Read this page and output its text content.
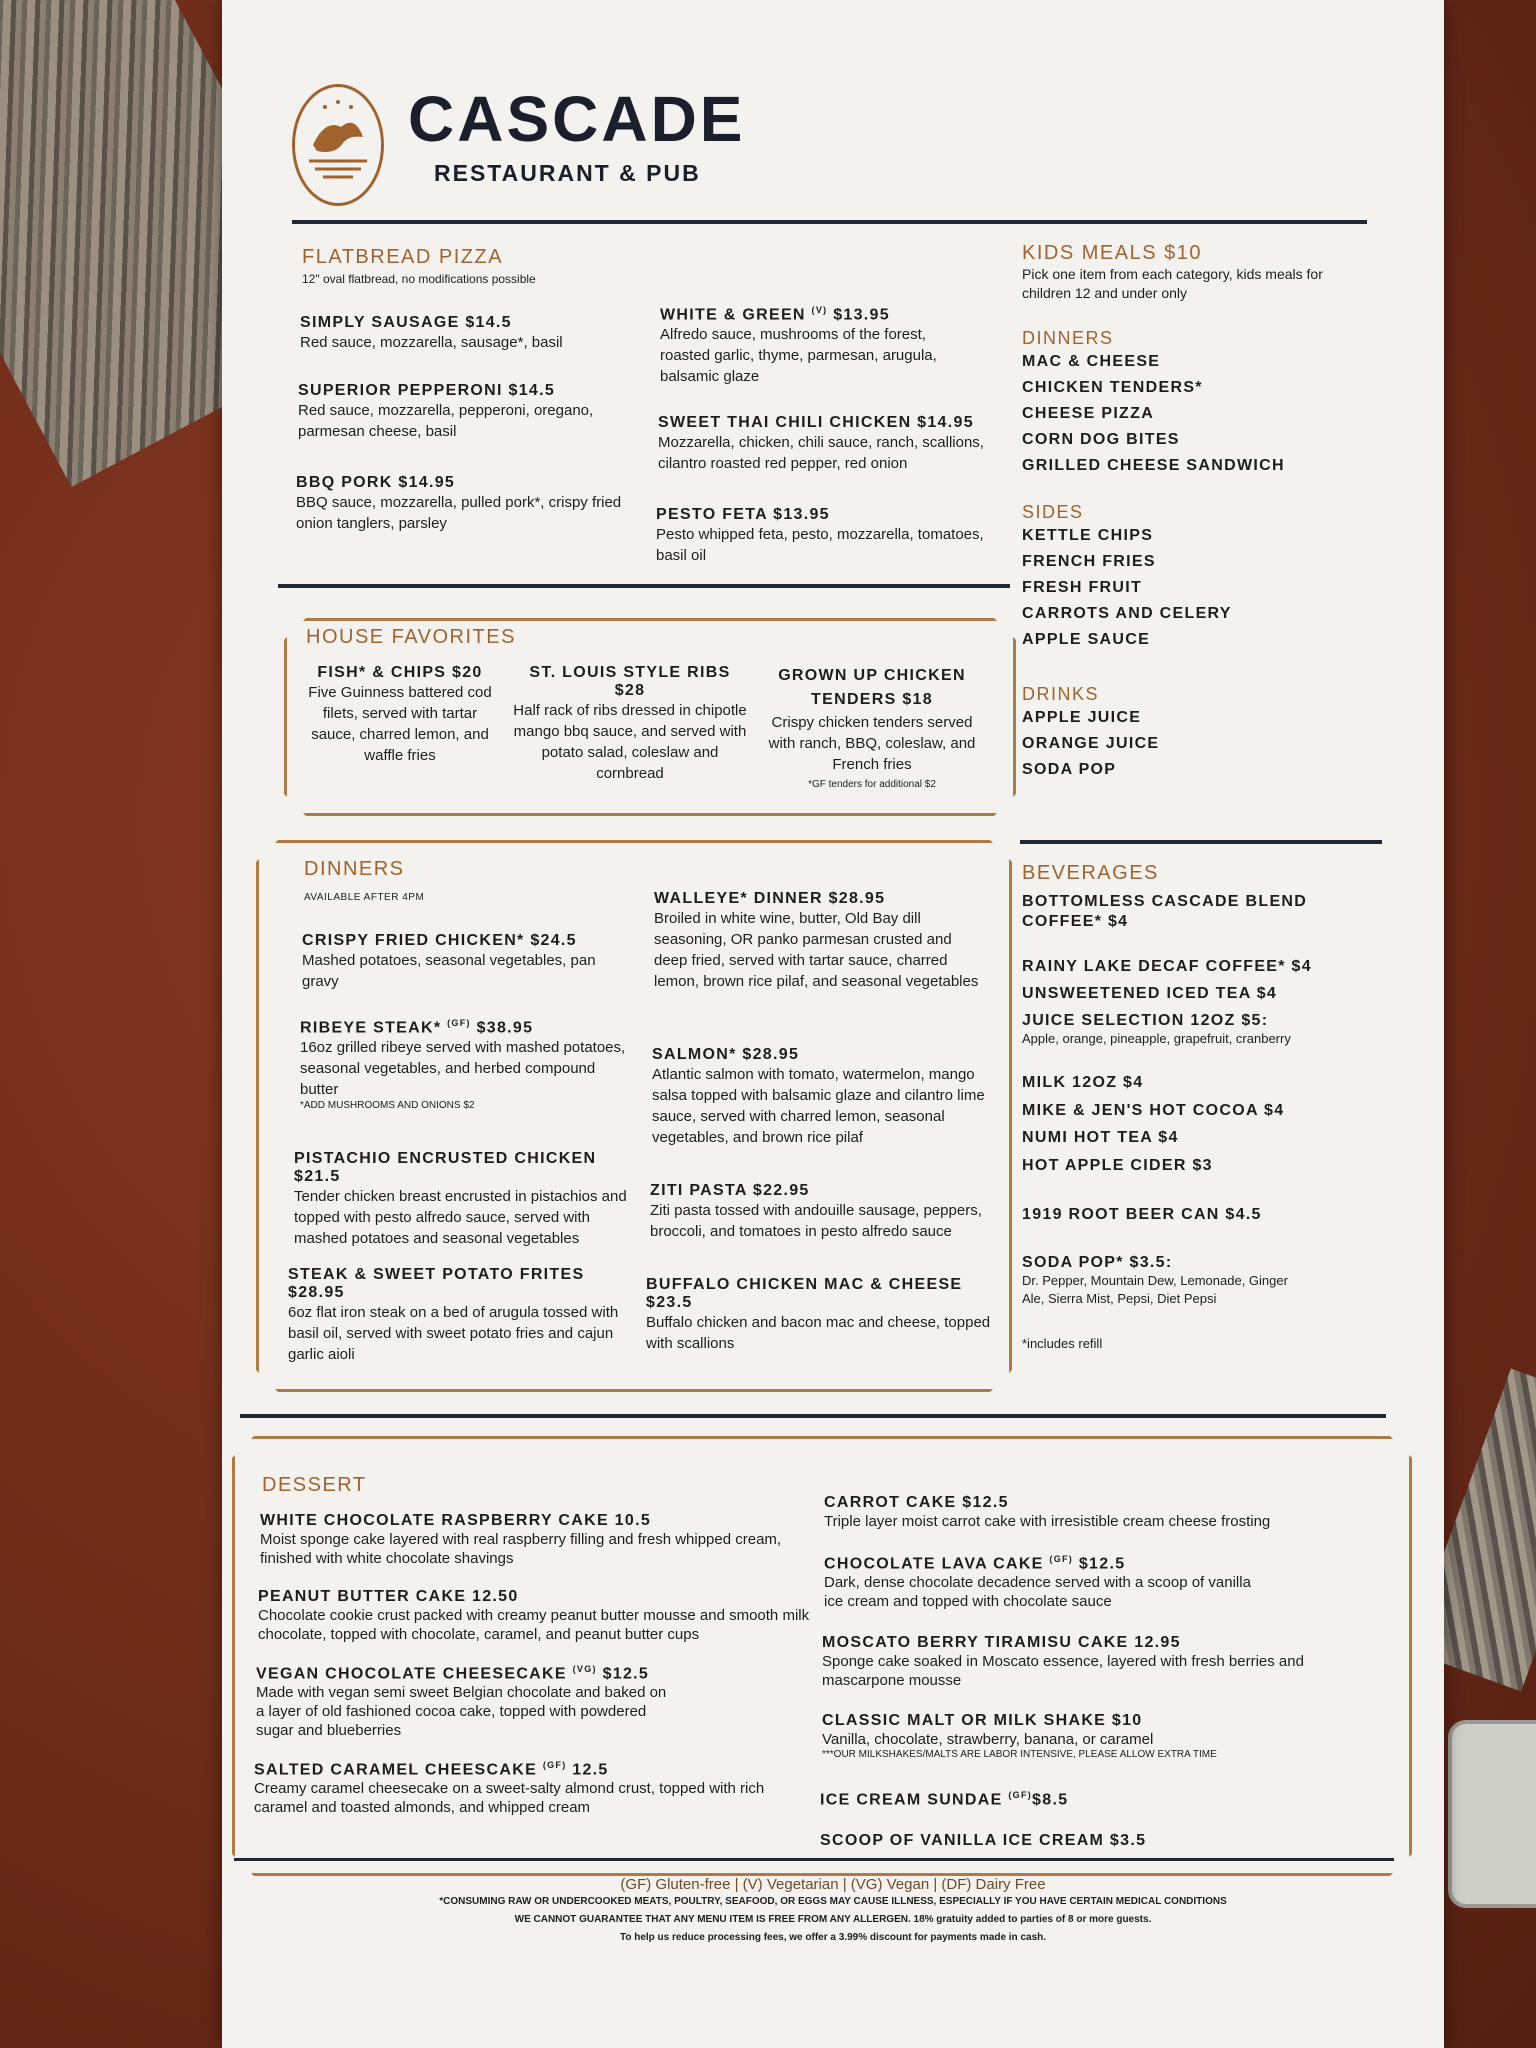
CASCADE
RESTAURANT & PUB
FLATBREAD PIZZA
12" oval flatbread, no modifications possible
SIMPLY SAUSAGE $14.5
Red sauce, mozzarella, sausage*, basil
SUPERIOR PEPPERONI $14.5
Red sauce, mozzarella, pepperoni, oregano, parmesan cheese, basil
BBQ PORK $14.95
BBQ sauce, mozzarella, pulled pork*, crispy fried onion tanglers, parsley
WHITE & GREEN $^{(V)}$ $13.95
Alfredo sauce, mushrooms of the forest, roasted garlic, thyme, parmesan, arugula, balsamic glaze
SWEET THAI CHILI CHICKEN $14.95
Mozzarella, chicken, chili sauce, ranch, scallions, cilantro roasted red pepper, red onion
PESTO FETA $13.95
Pesto whipped feta, pesto, mozzarella, tomatoes, basil oil
KIDS MEALS $10
Pick one item from each category, kids meals for children 12 and under only
DINNERS
MAC & CHEESE
CHICKEN TENDERS*
CHEESE PIZZA
CORN DOG BITES
GRILLED CHEESE SANDWICH
SIDES
KETTLE CHIPS
FRENCH FRIES
FRESH FRUIT
CARROTS AND CELERY
APPLE SAUCE
DRINKS
APPLE JUICE
ORANGE JUICE
SODA POP
HOUSE FAVORITES
FISH* & CHIPS $20
Five Guinness battered cod filets, served with tartar sauce, charred lemon, and waffle fries
ST. LOUIS STYLE RIBS $28
Half rack of ribs dressed in chipotle mango bbq sauce, and served with potato salad, coleslaw and cornbread
GROWN UP CHICKEN TENDERS $18
Crispy chicken tenders served with ranch, BBQ, coleslaw, and French fries
*GF tenders for additional $2
DINNERS
AVAILABLE AFTER 4PM
CRISPY FRIED CHICKEN* $24.5
Mashed potatoes, seasonal vegetables, pan gravy
RIBEYE STEAK* $^{(GF)}$ $38.95
16oz grilled ribeye served with mashed potatoes, seasonal vegetables, and herbed compound butter
*ADD MUSHROOMS AND ONIONS $2
PISTACHIO ENCRUSTED CHICKEN $21.5
Tender chicken breast encrusted in pistachios and topped with pesto alfredo sauce, served with mashed potatoes and seasonal vegetables
STEAK & SWEET POTATO FRITES $28.95
6oz flat iron steak on a bed of arugula tossed with basil oil, served with sweet potato fries and cajun garlic aioli
WALLEYE* DINNER $28.95
Broiled in white wine, butter, Old Bay dill seasoning, OR panko parmesan crusted and deep fried, served with tartar sauce, charred lemon, brown rice pilaf, and seasonal vegetables
SALMON* $28.95
Atlantic salmon with tomato, watermelon, mango salsa topped with balsamic glaze and cilantro lime sauce, served with charred lemon, seasonal vegetables, and brown rice pilaf
ZITI PASTA $22.95
Ziti pasta tossed with andouille sausage, peppers, broccoli, and tomatoes in pesto alfredo sauce
BUFFALO CHICKEN MAC & CHEESE $23.5
Buffalo chicken and bacon mac and cheese, topped with scallions
BEVERAGES
BOTTOMLESS CASCADE BLEND COFFEE* $4
RAINY LAKE DECAF COFFEE* $4
UNSWEETENED ICED TEA $4
JUICE SELECTION 12OZ $5:
Apple, orange, pineapple, grapefruit, cranberry
MILK 12OZ $4
MIKE & JEN'S HOT COCOA $4
NUMI HOT TEA $4
HOT APPLE CIDER $3
1919 ROOT BEER CAN $4.5
SODA POP* $3.5:
Dr. Pepper, Mountain Dew, Lemonade, Ginger Ale, Sierra Mist, Pepsi, Diet Pepsi
*includes refill
DESSERT
WHITE CHOCOLATE RASPBERRY CAKE 10.5
Moist sponge cake layered with real raspberry filling and fresh whipped cream, finished with white chocolate shavings
PEANUT BUTTER CAKE 12.50
Chocolate cookie crust packed with creamy peanut butter mousse and smooth milk chocolate, topped with chocolate, caramel, and peanut butter cups
VEGAN CHOCOLATE CHEESECAKE $^{(VG)}$ $12.5
Made with vegan semi sweet Belgian chocolate and baked on a layer of old fashioned cocoa cake, topped with powdered sugar and blueberries
SALTED CARAMEL CHEESCAKE $^{(GF)}$ 12.5
Creamy caramel cheesecake on a sweet-salty almond crust, topped with rich caramel and toasted almonds, and whipped cream
CARROT CAKE $12.5
Triple layer moist carrot cake with irresistible cream cheese frosting
CHOCOLATE LAVA CAKE $^{(GF)}$ $12.5
Dark, dense chocolate decadence served with a scoop of vanilla ice cream and topped with chocolate sauce
MOSCATO BERRY TIRAMISU CAKE 12.95
Sponge cake soaked in Moscato essence, layered with fresh berries and mascarpone mousse
CLASSIC MALT OR MILK SHAKE $10
Vanilla, chocolate, strawberry, banana, or caramel
***OUR MILKSHAKES/MALTS ARE LABOR INTENSIVE, PLEASE ALLOW EXTRA TIME
ICE CREAM SUNDAE $^{(GF)}$\$8.5
SCOOP OF VANILLA ICE CREAM $3.5
(GF) Gluten-free | (V) Vegetarian | (VG) Vegan | (DF) Dairy Free
*CONSUMING RAW OR UNDERCOOKED MEATS, POULTRY, SEAFOOD, OR EGGS MAY CAUSE ILLNESS, ESPECIALLY IF YOU HAVE CERTAIN MEDICAL CONDITIONS
WE CANNOT GUARANTEE THAT ANY MENU ITEM IS FREE FROM ANY ALLERGEN. 18% gratuity added to parties of 8 or more guests.
To help us reduce processing fees, we offer a 3.99% discount for payments made in cash.
